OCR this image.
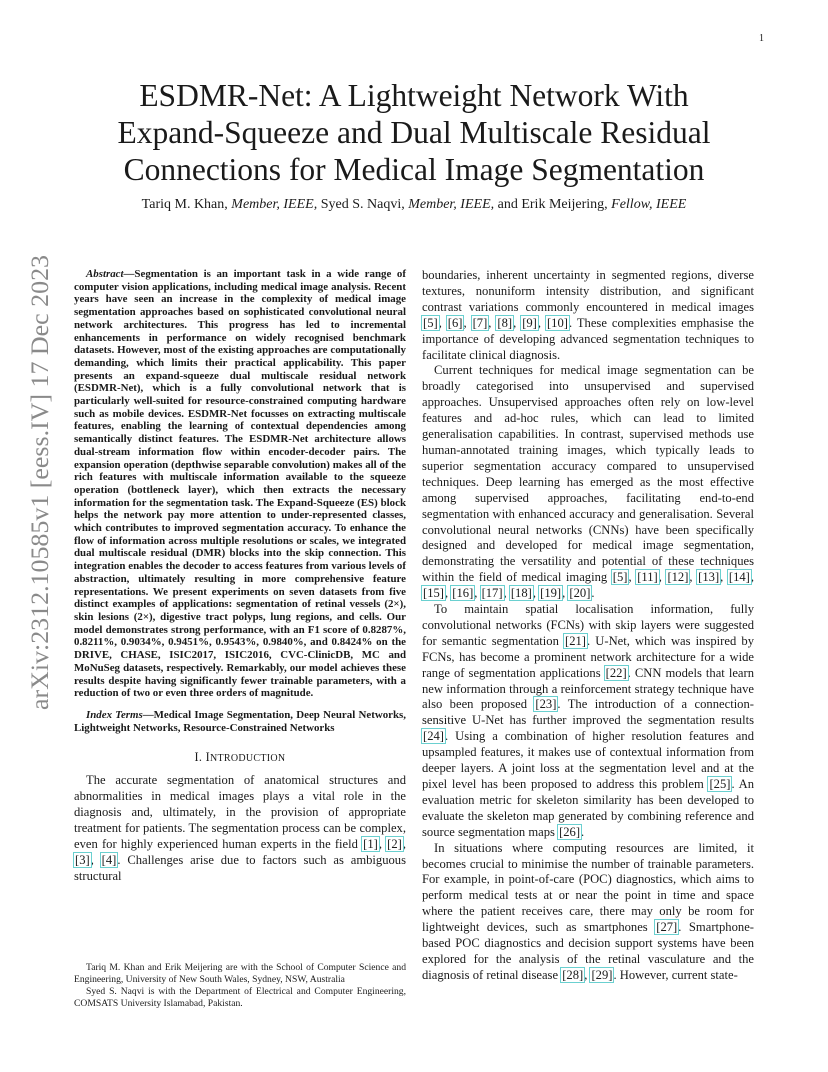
1
arXiv:2312.10585v1 [eess.IV] 17 Dec 2023
ESDMR-Net: A Lightweight Network With
Expand-Squeeze and Dual Multiscale Residual
Connections for Medical Image Segmentation
Tariq M. Khan, Member, IEEE, Syed S. Naqvi, Member, IEEE, and Erik Meijering, Fellow, IEEE

Abstract—Segmentation is an important task in a wide range of computer vision applications, including medical image analysis. Recent years have seen an increase in the complexity of medical image segmentation approaches based on sophisticated convolutional neural network architectures. This progress has led to incremental enhancements in performance on widely recognised benchmark datasets. However, most of the existing approaches are computationally demanding, which limits their practical applicability. This paper presents an expand-squeeze dual multiscale residual network (ESDMR-Net), which is a fully convolutional network that is particularly well-suited for resource-constrained computing hardware such as mobile devices. ESDMR-Net focusses on extracting multiscale features, enabling the learning of contextual dependencies among semantically distinct features. The ESDMR-Net architecture allows dual-stream information flow within encoder-decoder pairs. The expansion operation (depthwise separable convolution) makes all of the rich features with multiscale information available to the squeeze operation (bottleneck layer), which then extracts the necessary information for the segmentation task. The Expand-Squeeze (ES) block helps the network pay more attention to under-represented classes, which contributes to improved segmentation accuracy. To enhance the flow of information across multiple resolutions or scales, we integrated dual multiscale residual (DMR) blocks into the skip connection. This integration enables the decoder to access features from various levels of abstraction, ultimately resulting in more comprehensive feature representations. We present experiments on seven datasets from five distinct examples of applications: segmentation of retinal vessels (2×), skin lesions (2×), digestive tract polyps, lung regions, and cells. Our model demonstrates strong performance, with an F1 score of 0.8287%, 0.8211%, 0.9034%, 0.9451%, 0.9543%, 0.9840%, and 0.8424% on the DRIVE, CHASE, ISIC2017, ISIC2016, CVC-ClinicDB, MC and MoNuSeg datasets, respectively. Remarkably, our model achieves these results despite having significantly fewer trainable parameters, with a reduction of two or even three orders of magnitude.

Index Terms—Medical Image Segmentation, Deep Neural Networks, Lightweight Networks, Resource-Constrained Networks

I. INTRODUCTION

The accurate segmentation of anatomical structures and abnormalities in medical images plays a vital role in the diagnosis and, ultimately, in the provision of appropriate treatment for patients. The segmentation process can be complex, even for highly experienced human experts in the field [1], [2], [3], [4]. Challenges arise due to factors such as ambiguous structural

Tariq M. Khan and Erik Meijering are with the School of Computer Science and Engineering, University of New South Wales, Sydney, NSW, Australia

Syed S. Naqvi is with the Department of Electrical and Computer Engineering, COMSATS University Islamabad, Pakistan.

boundaries, inherent uncertainty in segmented regions, diverse textures, nonuniform intensity distribution, and significant contrast variations commonly encountered in medical images [5], [6], [7], [8], [9], [10]. These complexities emphasise the importance of developing advanced segmentation techniques to facilitate clinical diagnosis.

Current techniques for medical image segmentation can be broadly categorised into unsupervised and supervised approaches. Unsupervised approaches often rely on low-level features and ad-hoc rules, which can lead to limited generalisation capabilities. In contrast, supervised methods use human-annotated training images, which typically leads to superior segmentation accuracy compared to unsupervised techniques. Deep learning has emerged as the most effective among supervised approaches, facilitating end-to-end segmentation with enhanced accuracy and generalisation. Several convolutional neural networks (CNNs) have been specifically designed and developed for medical image segmentation, demonstrating the versatility and potential of these techniques within the field of medical imaging [5], [11], [12], [13], [14], [15], [16], [17], [18], [19], [20].

To maintain spatial localisation information, fully convolutional networks (FCNs) with skip layers were suggested for semantic segmentation [21]. U-Net, which was inspired by FCNs, has become a prominent network architecture for a wide range of segmentation applications [22]. CNN models that learn new information through a reinforcement strategy technique have also been proposed [23]. The introduction of a connection-sensitive U-Net has further improved the segmentation results [24]. Using a combination of higher resolution features and upsampled features, it makes use of contextual information from deeper layers. A joint loss at the segmentation level and at the pixel level has been proposed to address this problem [25]. An evaluation metric for skeleton similarity has been developed to evaluate the skeleton map generated by combining reference and source segmentation maps [26].

In situations where computing resources are limited, it becomes crucial to minimise the number of trainable parameters. For example, in point-of-care (POC) diagnostics, which aims to perform medical tests at or near the point in time and space where the patient receives care, there may only be room for lightweight devices, such as smartphones [27]. Smartphone-based POC diagnostics and decision support systems have been explored for the analysis of the retinal vasculature and the diagnosis of retinal disease [28], [29]. However, current state-
